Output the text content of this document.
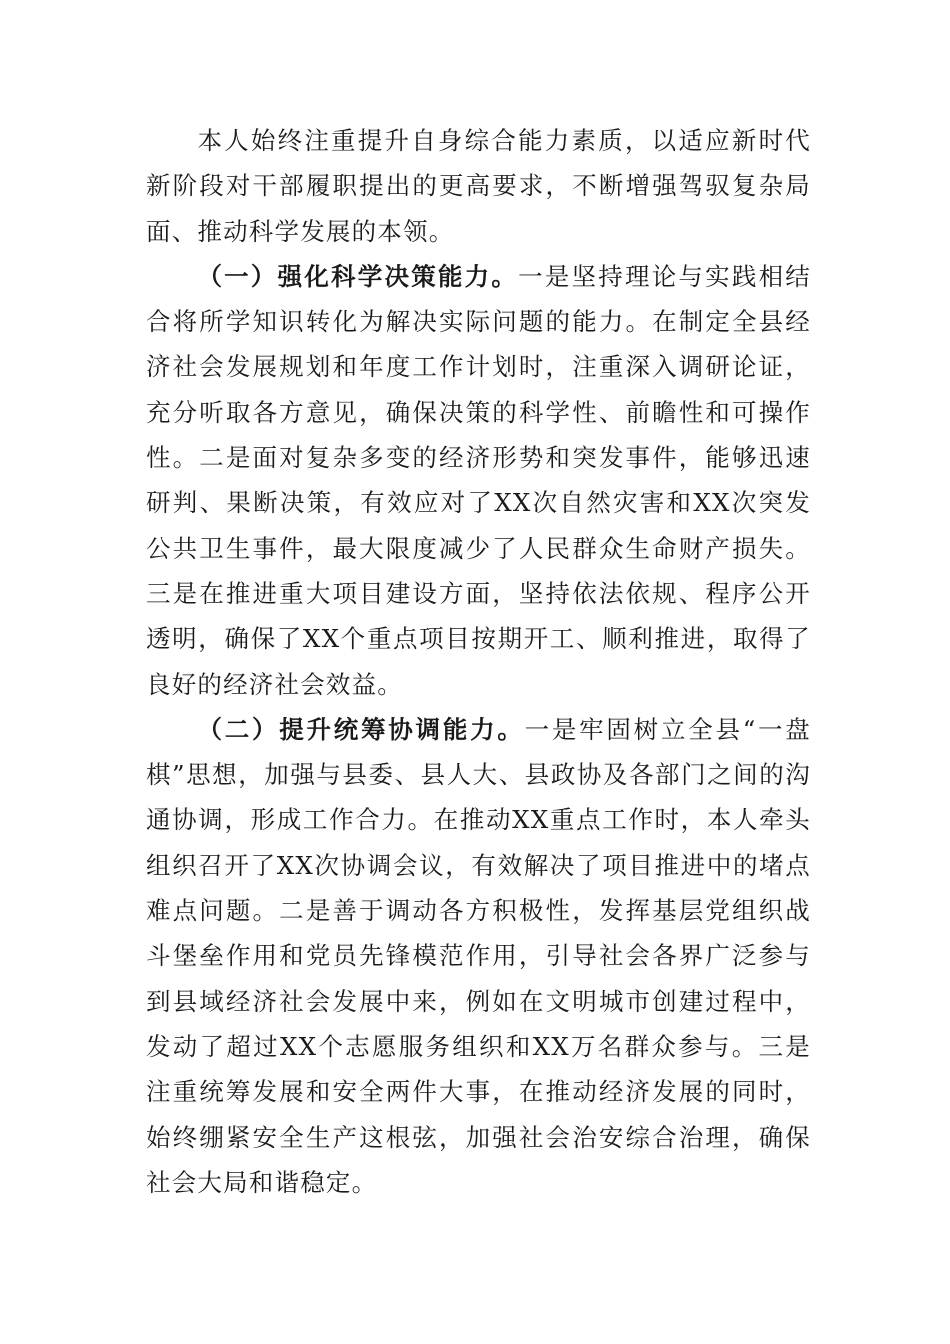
本人始终注重提升自身综合能力素质，以适应新时代新阶段对干部履职提出的更高要求，不断增强驾驭复杂局面、推动科学发展的本领。

（一）强化科学决策能力。一是坚持理论与实践相结合将所学知识转化为解决实际问题的能力。在制定全县经济社会发展规划和年度工作计划时，注重深入调研论证，充分听取各方意见，确保决策的科学性、前瞻性和可操作性。二是面对复杂多变的经济形势和突发事件，能够迅速研判、果断决策，有效应对了XX次自然灾害和XX次突发公共卫生事件，最大限度减少了人民群众生命财产损失。三是在推进重大项目建设方面，坚持依法依规、程序公开透明，确保了XX个重点项目按期开工、顺利推进，取得了良好的经济社会效益。

（二）提升统筹协调能力。一是牢固树立全县“一盘棋”思想，加强与县委、县人大、县政协及各部门之间的沟通协调，形成工作合力。在推动XX重点工作时，本人牵头组织召开了XX次协调会议，有效解决了项目推进中的堵点难点问题。二是善于调动各方积极性，发挥基层党组织战斗堡垒作用和党员先锋模范作用，引导社会各界广泛参与到县域经济社会发展中来，例如在文明城市创建过程中，发动了超过XX个志愿服务组织和XX万名群众参与。三是注重统筹发展和安全两件大事，在推动经济发展的同时，始终绷紧安全生产这根弦，加强社会治安综合治理，确保社会大局和谐稳定。
